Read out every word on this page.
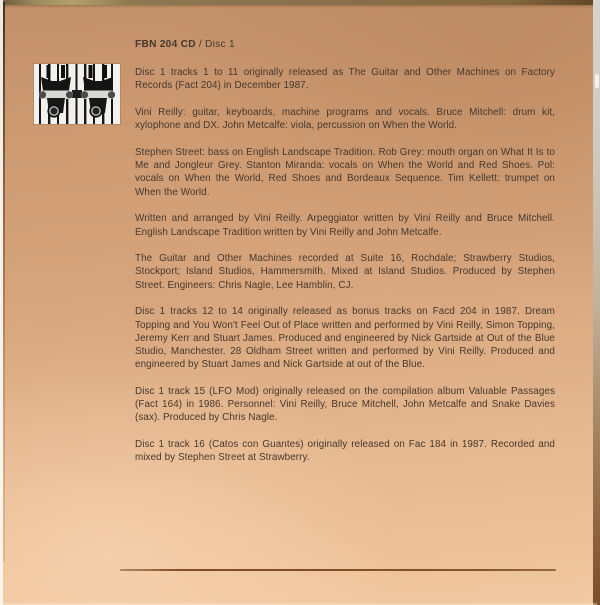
FBN 204 CD / Disc 1

Disc 1 tracks 1 to 11 originally released as The Guitar and Other Machines on Factory Records (Fact 204) in December 1987.

Vini Reilly: guitar, keyboards, machine programs and vocals. Bruce Mitchell: drum kit, xylophone and DX. John Metcalfe: viola, percussion on When the World.

Stephen Street: bass on English Landscape Tradition. Rob Grey: mouth organ on What It Is to Me and Jongleur Grey. Stanton Miranda: vocals on When the World and Red Shoes. Pol: vocals on When the World, Red Shoes and Bordeaux Sequence. Tim Kellett: trumpet on When the World.

Written and arranged by Vini Reilly. Arpeggiator written by Vini Reilly and Bruce Mitchell. English Landscape Tradition written by Vini Reilly and John Metcalfe.

The Guitar and Other Machines recorded at Suite 16, Rochdale; Strawberry Studios, Stockport; Island Studios, Hammersmith. Mixed at Island Studios. Produced by Stephen Street. Engineers: Chris Nagle, Lee Hamblin, CJ.

Disc 1 tracks 12 to 14 originally released as bonus tracks on Facd 204 in 1987. Dream Topping and You Won't Feel Out of Place written and performed by Vini Reilly, Simon Topping, Jeremy Kerr and Stuart James. Produced and engineered by Nick Gartside at Out of the Blue Studio, Manchester. 28 Oldham Street written and performed by Vini Reilly. Produced and engineered by Stuart James and Nick Gartside at out of the Blue.

Disc 1 track 15 (LFO Mod) originally released on the compilation album Valuable Passages (Fact 164) in 1986. Personnel: Vini Reilly, Bruce Mitchell, John Metcalfe and Snake Davies (sax). Produced by Chris Nagle.

Disc 1 track 16 (Catos con Guantes) originally released on Fac 184 in 1987. Recorded and mixed by Stephen Street at Strawberry.
